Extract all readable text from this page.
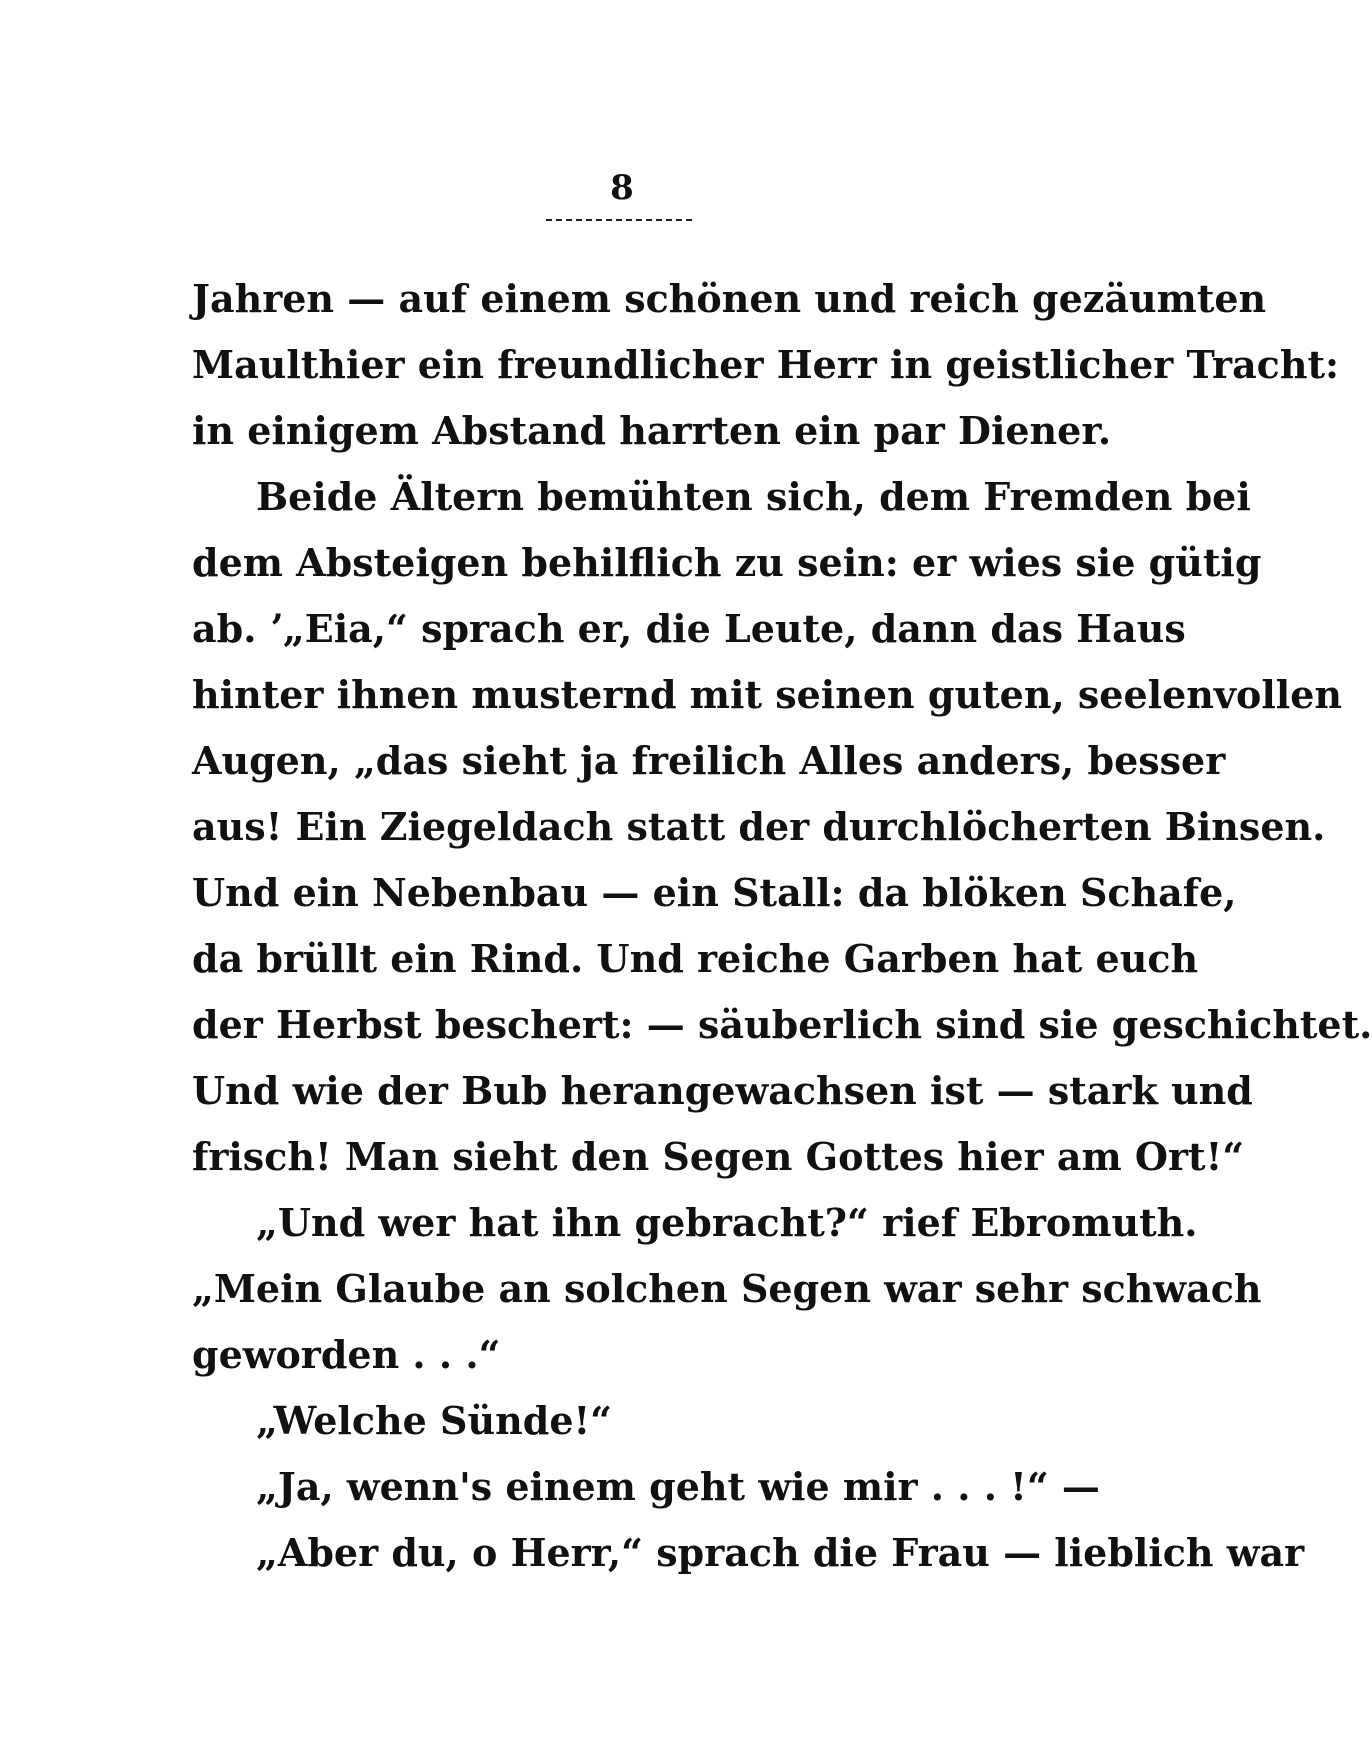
8
Jahren — auf einem schönen und reich gezäumten
Maulthier ein freundlicher Herr in geistlicher Tracht:
in einigem Abstand harrten ein par Diener.
Beide Ältern bemühten sich, dem Fremden bei
dem Absteigen behilflich zu sein: er wies sie gütig
ab. ʼ„Eia,“ sprach er, die Leute, dann das Haus
hinter ihnen musternd mit seinen guten, seelenvollen
Augen, „das sieht ja freilich Alles anders, besser
aus! Ein Ziegeldach statt der durchlöcherten Binsen.
Und ein Nebenbau — ein Stall: da blöken Schafe,
da brüllt ein Rind. Und reiche Garben hat euch
der Herbst beschert: — säuberlich sind sie geschichtet.
Und wie der Bub herangewachsen ist — stark und
frisch! Man sieht den Segen Gottes hier am Ort!“
„Und wer hat ihn gebracht?“ rief Ebromuth.
„Mein Glaube an solchen Segen war sehr schwach
geworden . . .“
„Welche Sünde!“
„Ja, wenn's einem geht wie mir . . . !“ —
„Aber du, o Herr,“ sprach die Frau — lieblich war
